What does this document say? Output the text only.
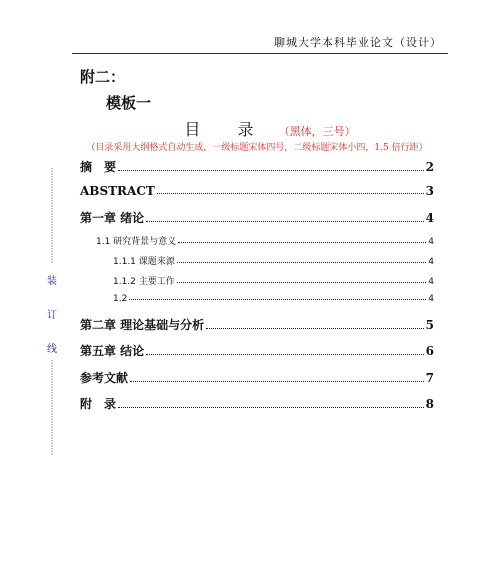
聊城大学本科毕业论文（设计）
附二：
模板一
目 录 （黑体，三号）
（目录采用大纲格式自动生成，一级标题宋体四号，二级标题宋体小四，1.5 倍行距）
摘　要	2
ABSTRACT	3
第一章 绪论	4
1.1 研究背景与意义	4
1.1.1 课题来源	4
1.1.2 主要工作	4
1.2	4
第二章 理论基础与分析	5
第五章 结论	6
参考文献	7
附　录	8
⋮
⋮
⋮
⋮
⋮
⋮
⋮
⋮
⋮
⋮
⋮
⋮
装
订
线
⋮
⋮
⋮
⋮
⋮
⋮
⋮
⋮
⋮
⋮
⋮
⋮
